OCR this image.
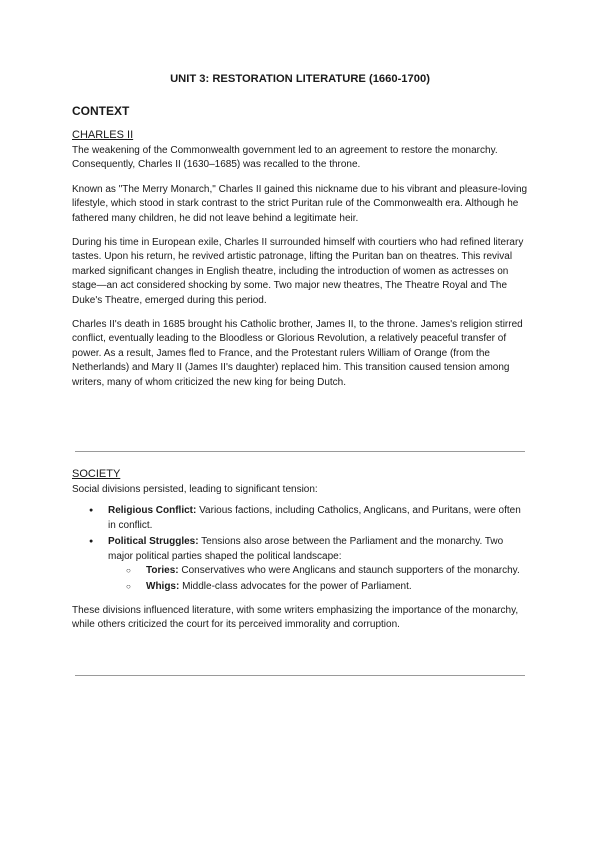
UNIT 3: RESTORATION LITERATURE (1660-1700)
CONTEXT
CHARLES II

The weakening of the Commonwealth government led to an agreement to restore the monarchy. Consequently, Charles II (1630–1685) was recalled to the throne.

Known as "The Merry Monarch," Charles II gained this nickname due to his vibrant and pleasure-loving lifestyle, which stood in stark contrast to the strict Puritan rule of the Commonwealth era. Although he fathered many children, he did not leave behind a legitimate heir.

During his time in European exile, Charles II surrounded himself with courtiers who had refined literary tastes. Upon his return, he revived artistic patronage, lifting the Puritan ban on theatres. This revival marked significant changes in English theatre, including the introduction of women as actresses on stage—an act considered shocking by some. Two major new theatres, The Theatre Royal and The Duke's Theatre, emerged during this period.

Charles II's death in 1685 brought his Catholic brother, James II, to the throne. James's religion stirred conflict, eventually leading to the Bloodless or Glorious Revolution, a relatively peaceful transfer of power. As a result, James fled to France, and the Protestant rulers William of Orange (from the Netherlands) and Mary II (James II's daughter) replaced him. This transition caused tension among writers, many of whom criticized the new king for being Dutch.

SOCIETY

Social divisions persisted, leading to significant tension:

● Religious Conflict: Various factions, including Catholics, Anglicans, and Puritans, were often in conflict.
● Political Struggles: Tensions also arose between the Parliament and the monarchy. Two major political parties shaped the political landscape:
○ Tories: Conservatives who were Anglicans and staunch supporters of the monarchy.
○ Whigs: Middle-class advocates for the power of Parliament.

These divisions influenced literature, with some writers emphasizing the importance of the monarchy, while others criticized the court for its perceived immorality and corruption.
